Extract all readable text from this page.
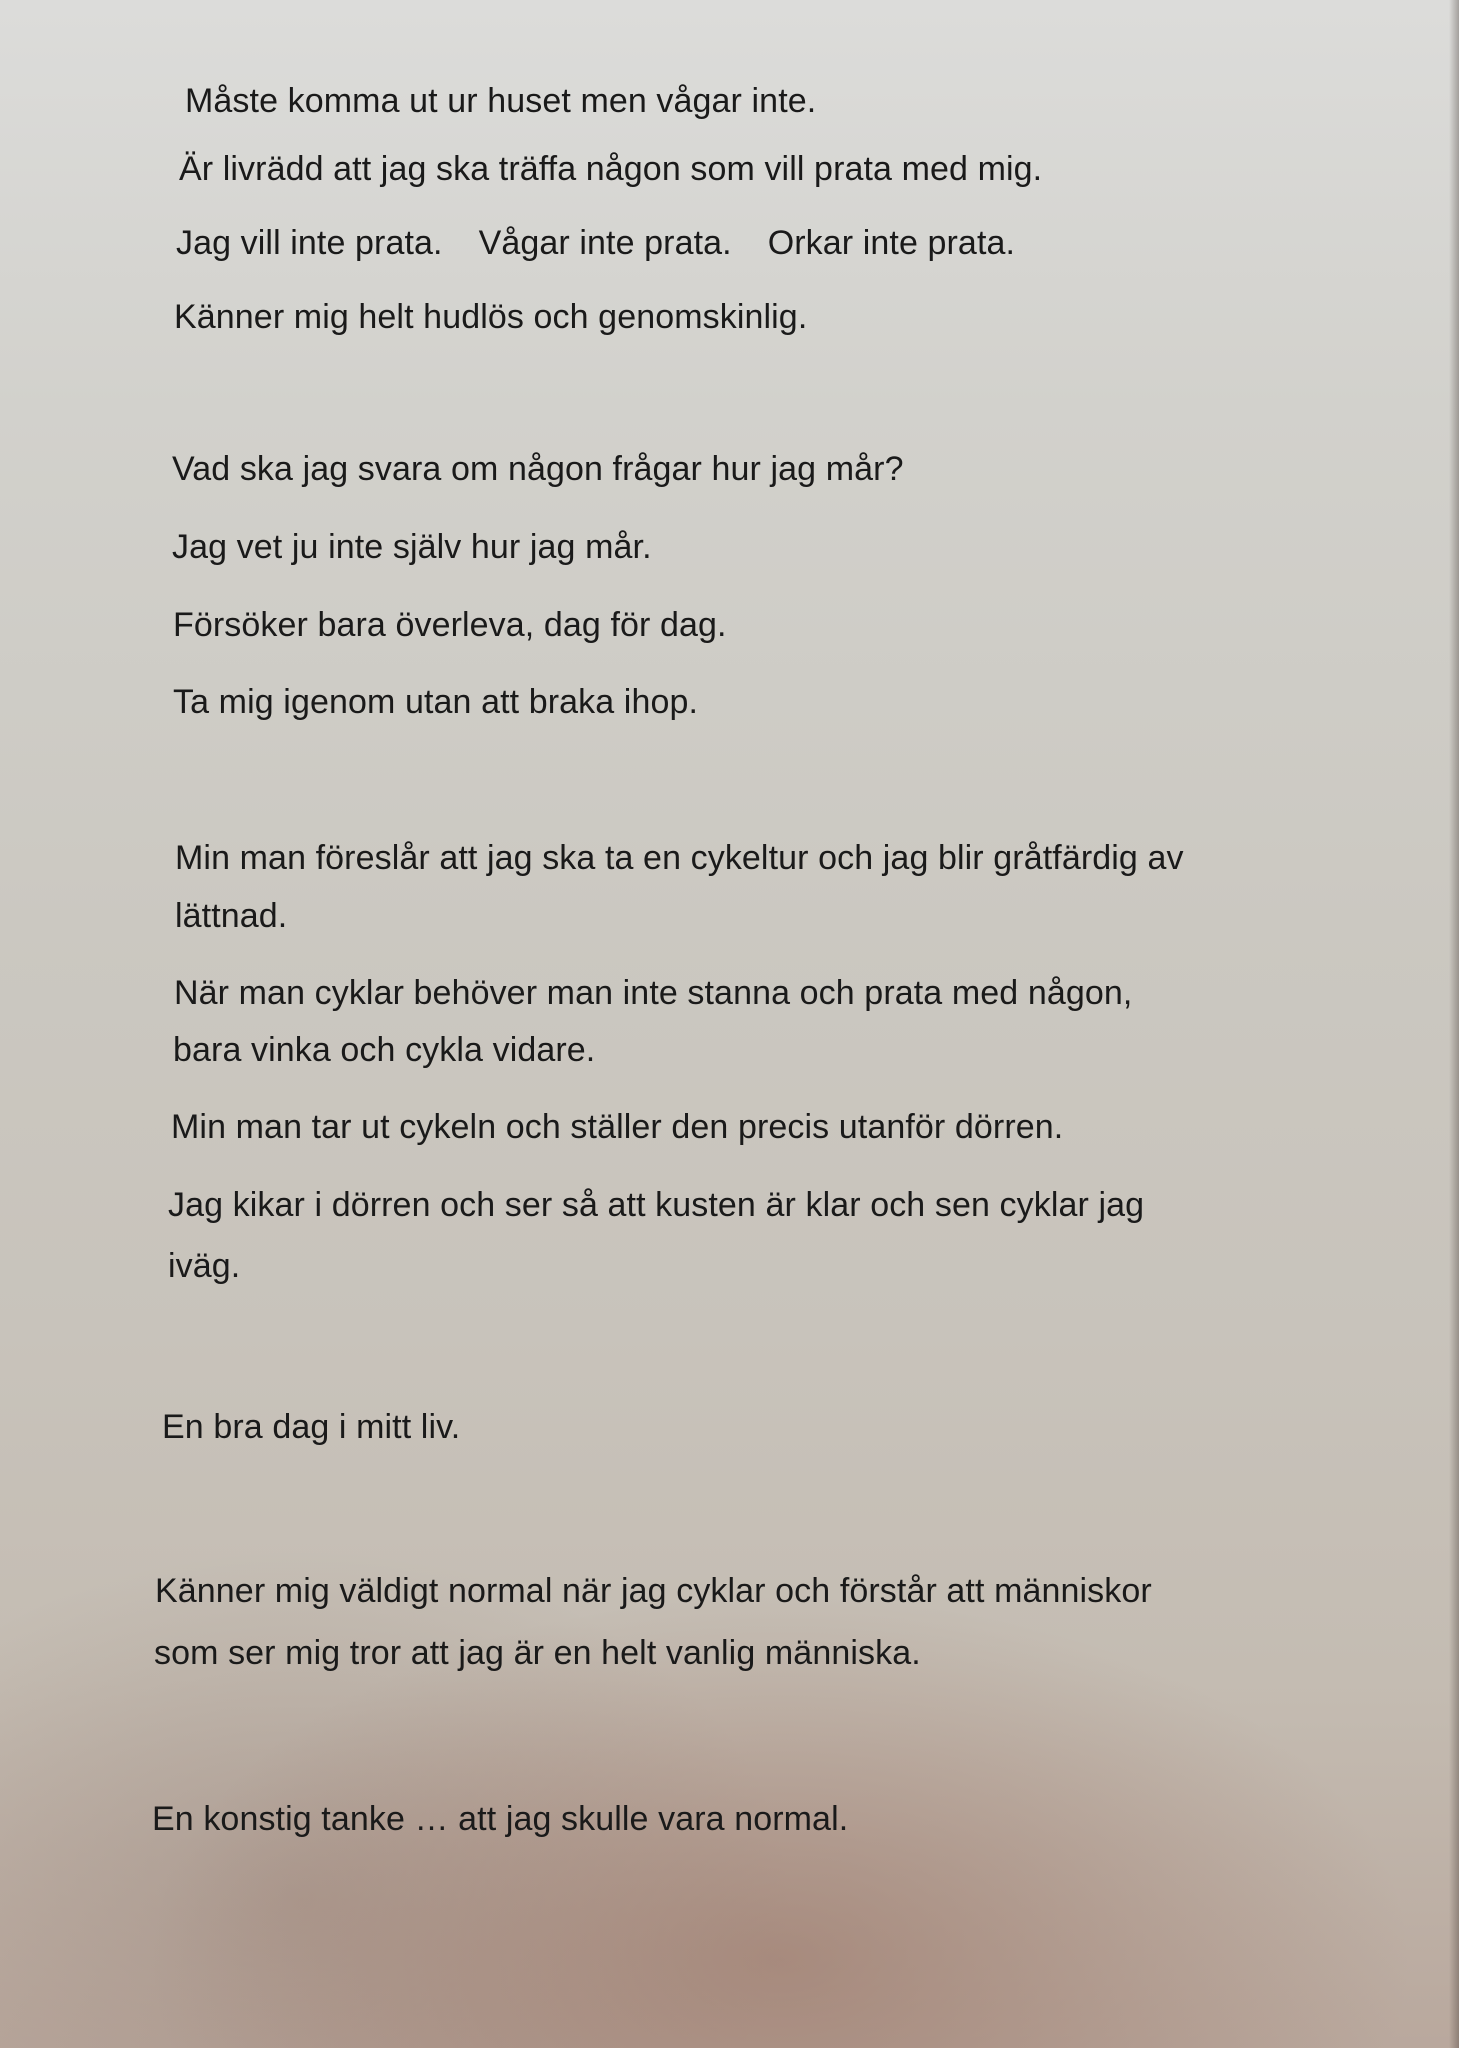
Måste komma ut ur huset men vågar inte.
Är livrädd att jag ska träffa någon som vill prata med mig.
Jag vill inte prata. Vågar inte prata. Orkar inte prata.
Känner mig helt hudlös och genomskinlig.
Vad ska jag svara om någon frågar hur jag mår?
Jag vet ju inte själv hur jag mår.
Försöker bara överleva, dag för dag.
Ta mig igenom utan att braka ihop.
Min man föreslår att jag ska ta en cykeltur och jag blir gråtfärdig av
lättnad.
När man cyklar behöver man inte stanna och prata med någon,
bara vinka och cykla vidare.
Min man tar ut cykeln och ställer den precis utanför dörren.
Jag kikar i dörren och ser så att kusten är klar och sen cyklar jag
iväg.
En bra dag i mitt liv.
Känner mig väldigt normal när jag cyklar och förstår att människor
som ser mig tror att jag är en helt vanlig människa.
En konstig tanke … att jag skulle vara normal.
